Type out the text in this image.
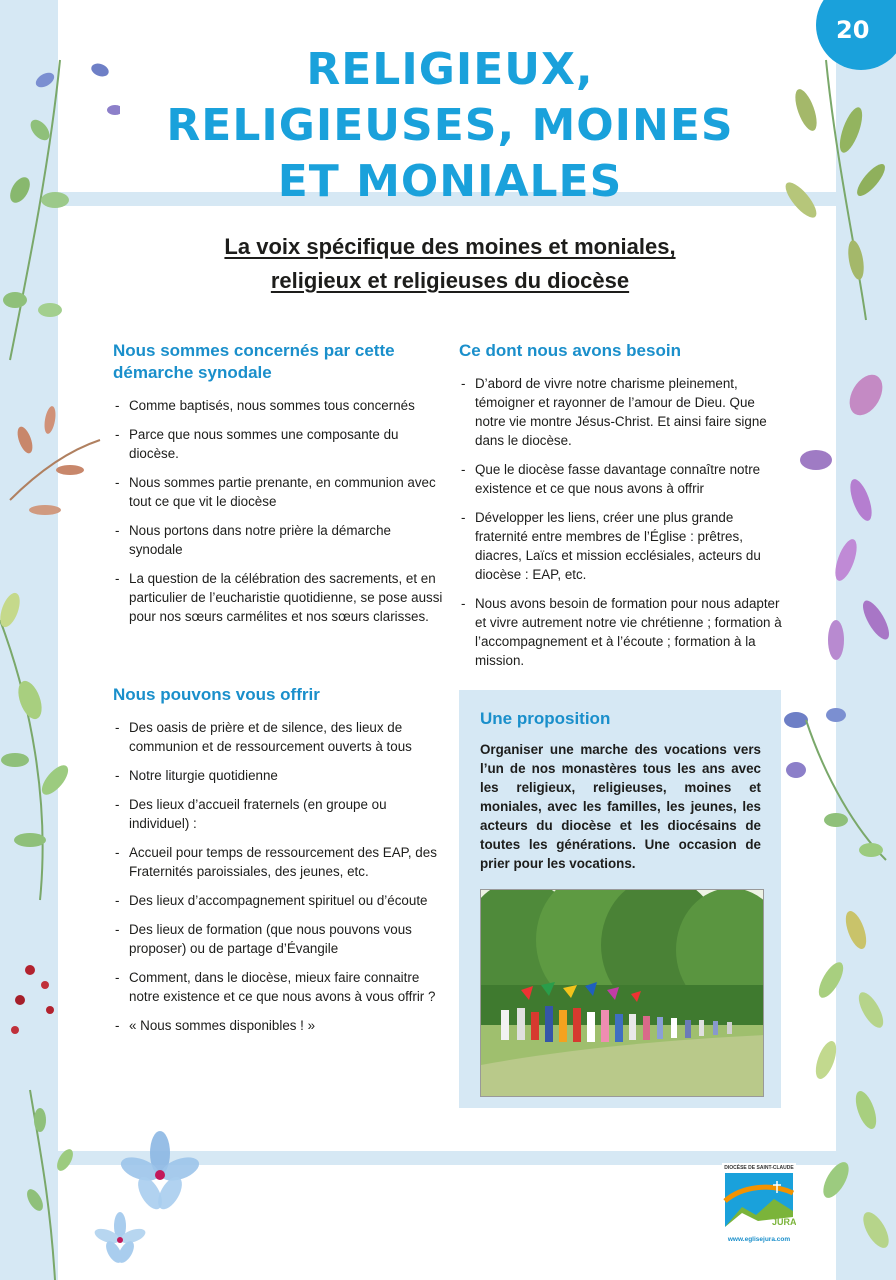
20
RELIGIEUX, RELIGIEUSES, MOINES ET MONIALES
La voix spécifique des moines et moniales,
religieux et religieuses du diocèse
Nous sommes concernés par cette démarche synodale
- Comme baptisés, nous sommes tous concernés
- Parce que nous sommes une composante du diocèse.
- Nous sommes partie prenante, en communion avec tout ce que vit le diocèse
- Nous portons dans notre prière la démarche synodale
- La question de la célébration des sacrements, et en particulier de l’eucharistie quotidienne, se pose aussi pour nos sœurs carmélites et nos sœurs clarisses.
Nous pouvons vous offrir
- Des oasis de prière et de silence, des lieux de communion et de ressourcement ouverts à tous
- Notre liturgie quotidienne
- Des lieux d’accueil fraternels (en groupe ou individuel) :
- Accueil pour temps de ressourcement des EAP, des Fraternités paroissiales, des jeunes, etc.
- Des lieux d’accompagnement spirituel ou d’écoute
- Des lieux de formation (que nous pouvons vous proposer) ou de partage d’Évangile
- Comment, dans le diocèse, mieux faire connaitre notre existence et ce que nous avons à vous offrir ?
- « Nous sommes disponibles ! »
Ce dont nous avons besoin
- D’abord de vivre notre charisme pleinement, témoigner et rayonner de l’amour de Dieu. Que notre vie montre Jésus-Christ. Et ainsi faire signe dans le diocèse.
- Que le diocèse fasse davantage connaître notre existence et ce que nous avons à offrir
- Développer les liens, créer une plus grande fraternité entre membres de l’Église : prêtres, diacres, Laïcs et mission ecclésiales, acteurs du diocèse : EAP, etc.
- Nous avons besoin de formation pour nous adapter et vivre autrement notre vie chrétienne ; formation à l’accompagnement et à l’écoute ; formation à la mission.
Une proposition

Organiser une marche des vocations vers l’un de nos monastères tous les ans avec les religieux, religieuses, moines et moniales, avec les familles, les jeunes, les acteurs du diocèse et les diocésains de toutes les générations. Une occasion de prier pour les vocations.

DIOCÈSE DE SAINT-CLAUDE
JURA
www.eglisejura.com
